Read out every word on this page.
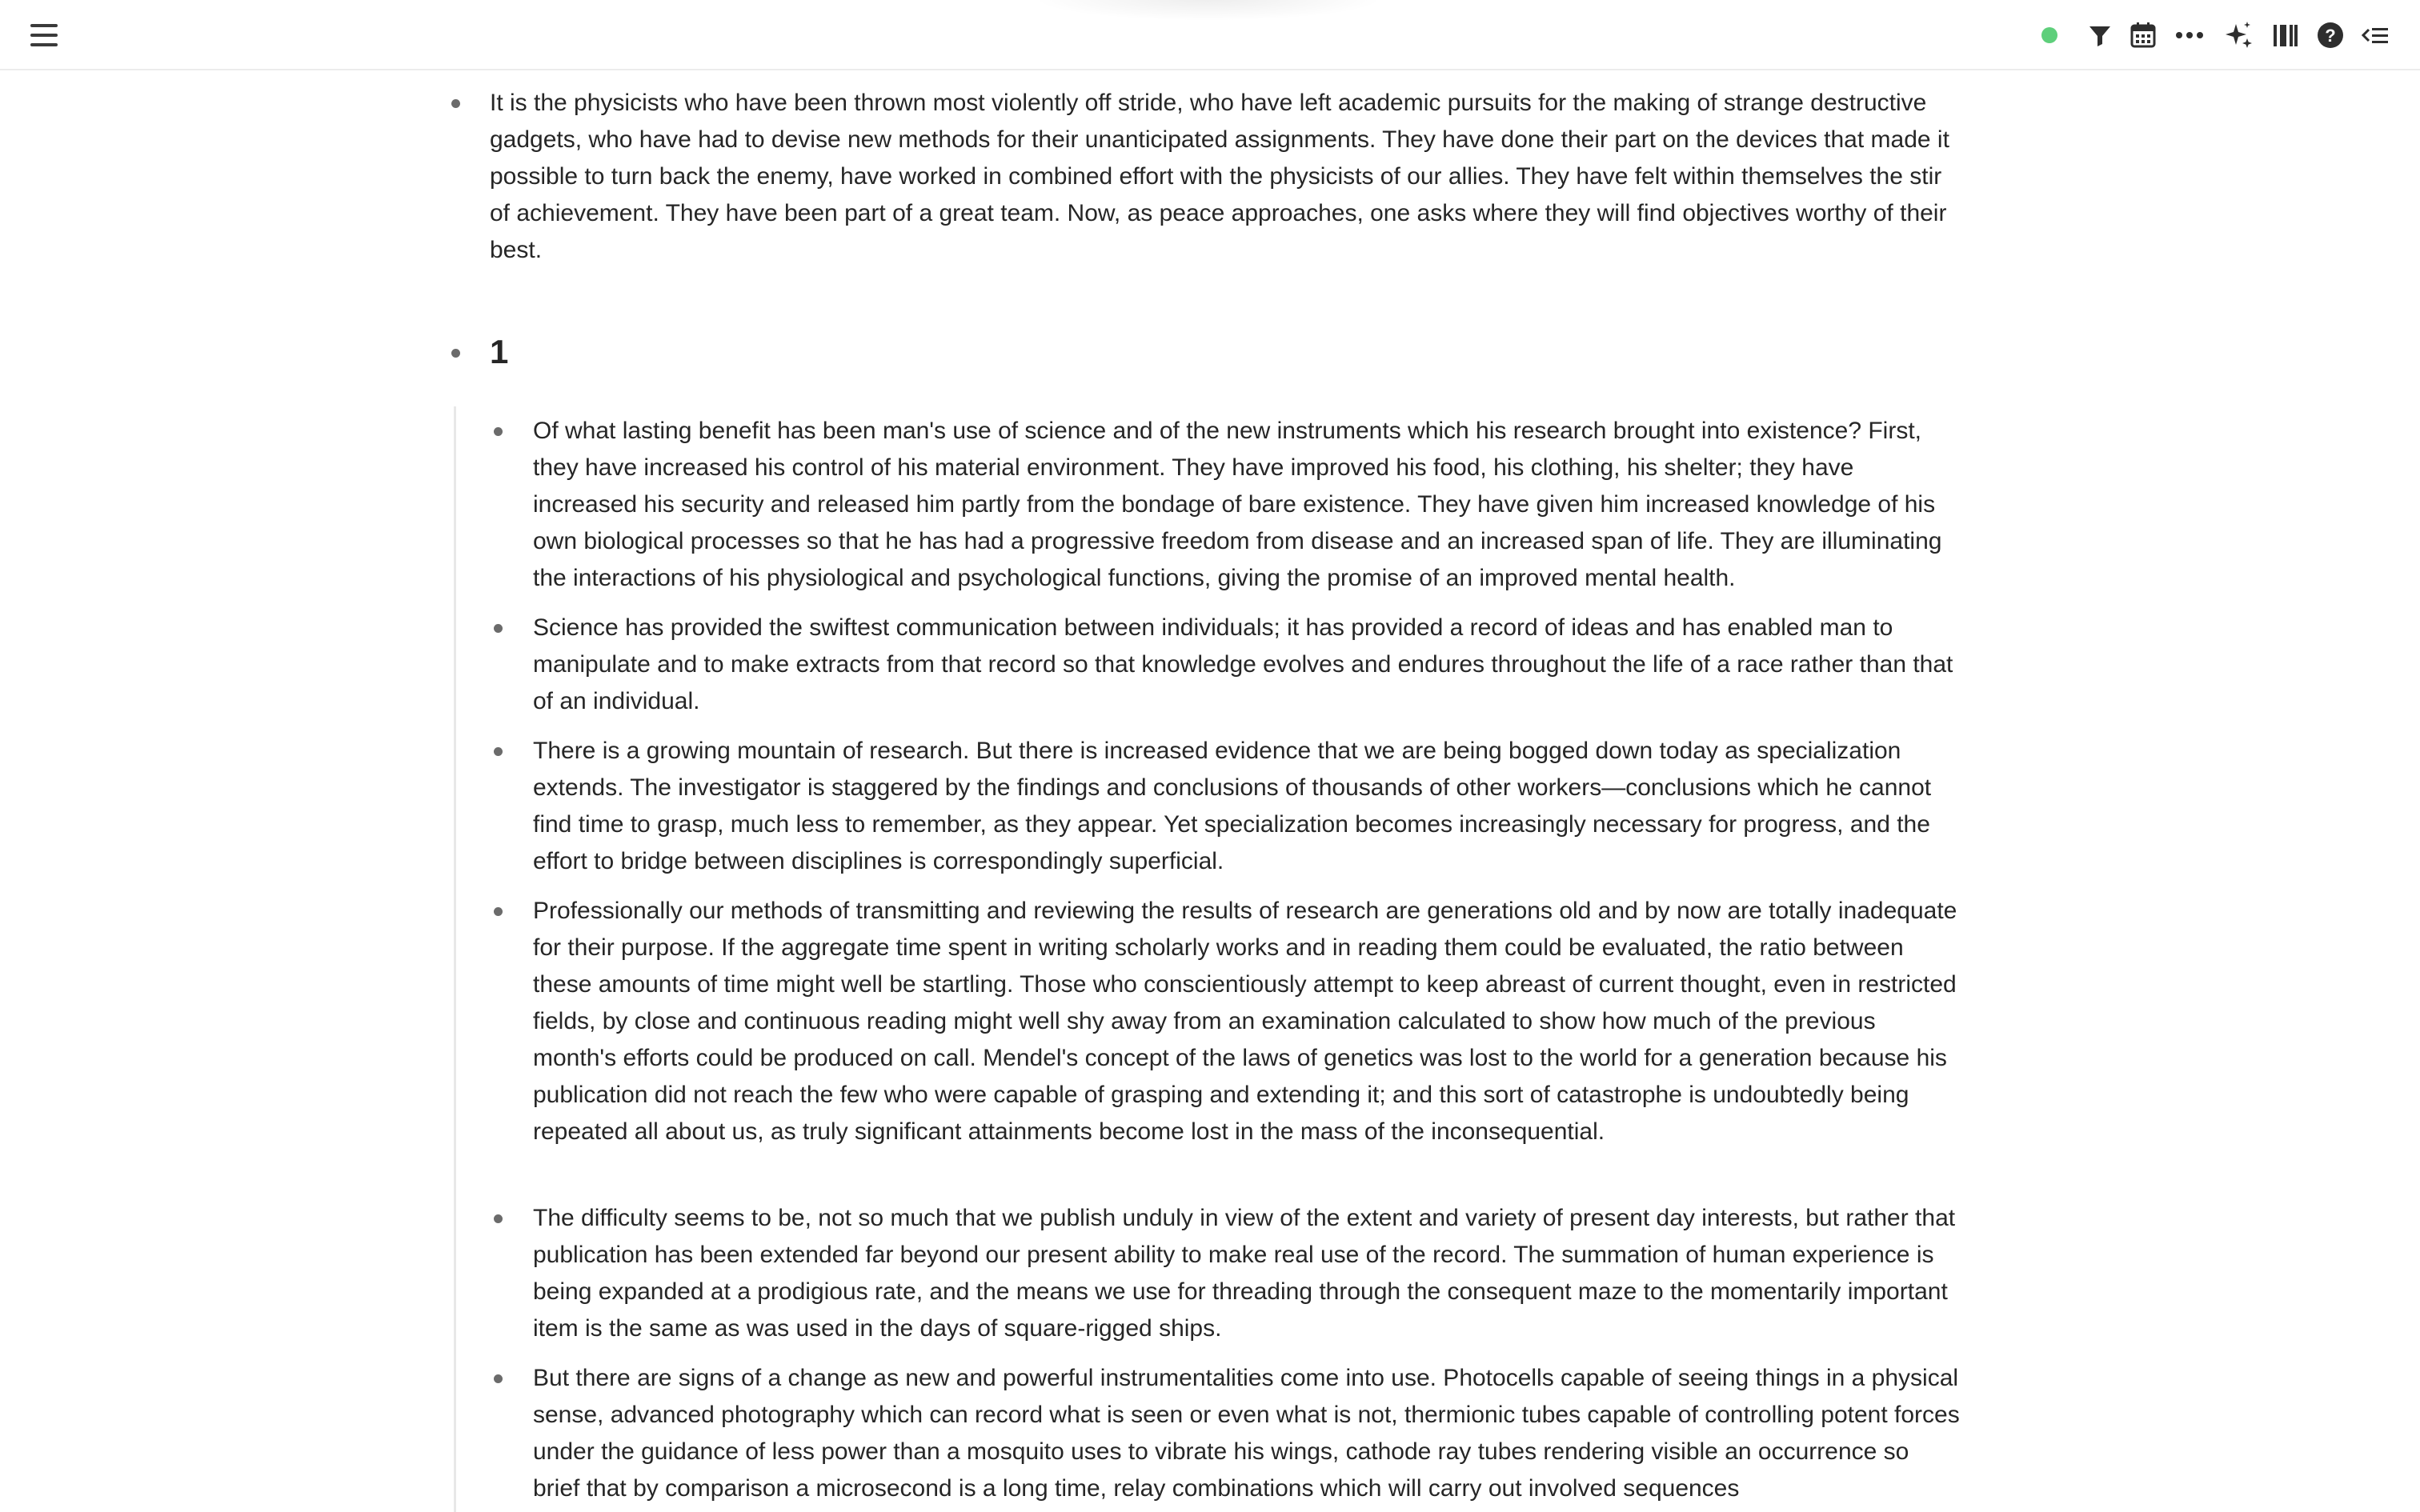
?
It is the physicists who have been thrown most violently off stride, who have left academic pursuits for the making of strange destructive gadgets, who have had to devise new methods for their unanticipated assignments. They have done their part on the devices that made it possible to turn back the enemy, have worked in combined effort with the physicists of our allies. They have felt within themselves the stir of achievement. They have been part of a great team. Now, as peace approaches, one asks where they will find objectives worthy of their best.
1
Of what lasting benefit has been man's use of science and of the new instruments which his research brought into existence? First, they have increased his control of his material environment. They have improved his food, his clothing, his shelter; they have increased his security and released him partly from the bondage of bare existence. They have given him increased knowledge of his own biological processes so that he has had a progressive freedom from disease and an increased span of life. They are illuminating the interactions of his physiological and psychological functions, giving the promise of an improved mental health.
Science has provided the swiftest communication between individuals; it has provided a record of ideas and has enabled man to manipulate and to make extracts from that record so that knowledge evolves and endures throughout the life of a race rather than that of an individual.
There is a growing mountain of research. But there is increased evidence that we are being bogged down today as specialization extends. The investigator is staggered by the findings and conclusions of thousands of other workers—conclusions which he cannot find time to grasp, much less to remember, as they appear. Yet specialization becomes increasingly necessary for progress, and the effort to bridge between disciplines is correspondingly superficial.
Professionally our methods of transmitting and reviewing the results of research are generations old and by now are totally inadequate for their purpose. If the aggregate time spent in writing scholarly works and in reading them could be evaluated, the ratio between these amounts of time might well be startling. Those who conscientiously attempt to keep abreast of current thought, even in restricted fields, by close and continuous reading might well shy away from an examination calculated to show how much of the previous month's efforts could be produced on call. Mendel's concept of the laws of genetics was lost to the world for a generation because his publication did not reach the few who were capable of grasping and extending it; and this sort of catastrophe is undoubtedly being repeated all about us, as truly significant attainments become lost in the mass of the inconsequential.
The difficulty seems to be, not so much that we publish unduly in view of the extent and variety of present day interests, but rather that publication has been extended far beyond our present ability to make real use of the record. The summation of human experience is being expanded at a prodigious rate, and the means we use for threading through the consequent maze to the momentarily important item is the same as was used in the days of square-rigged ships.
But there are signs of a change as new and powerful instrumentalities come into use. Photocells capable of seeing things in a physical sense, advanced photography which can record what is seen or even what is not, thermionic tubes capable of controlling potent forces under the guidance of less power than a mosquito uses to vibrate his wings, cathode ray tubes rendering visible an occurrence so brief that by comparison a microsecond is a long time, relay combinations which will carry out involved sequences
